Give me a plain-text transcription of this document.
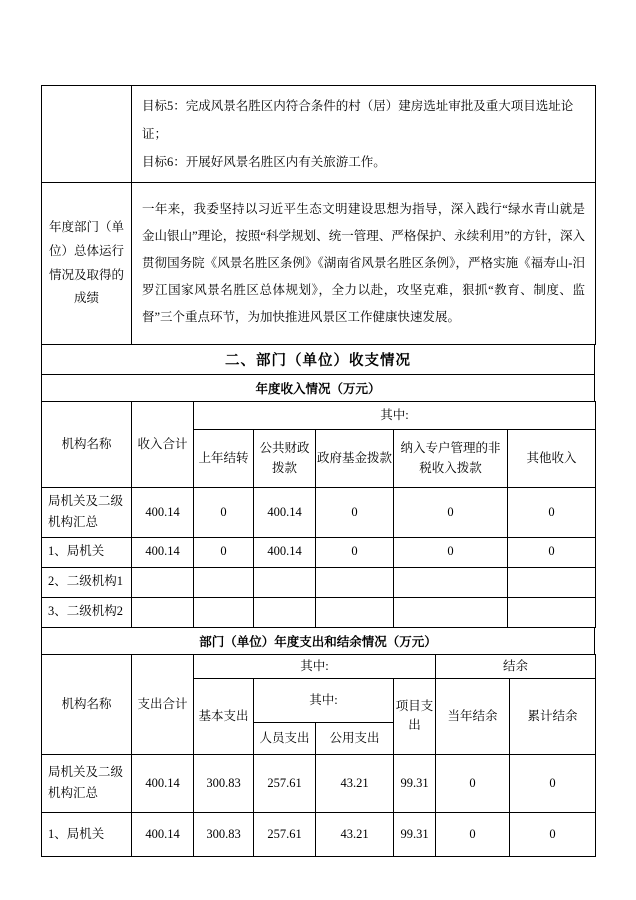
	目标5：完成风景名胜区内符合条件的村（居）建房选址审批及重大项目选址论证；

目标6：开展好风景名胜区内有关旅游工作。

年度部门（单位）总体运行情况及取得的成绩	一年来，我委坚持以习近平生态文明建设思想为指导，深入践行“绿水青山就是金山银山”理论，按照“科学规划、统一管理、严格保护、永续利用”的方针，深入贯彻国务院《风景名胜区条例》《湖南省风景名胜区条例》，严格实施《福寿山-汨罗江国家风景名胜区总体规划》，全力以赴，攻坚克难，狠抓“教育、制度、监督”三个重点环节，为加快推进风景区工作健康快速发展。
二、部门（单位）收支情况
年度收入情况（万元）
机构名称	收入合计	其中:				
		上年结转	公共财政拨款	政府基金拨款	纳入专户管理的非税收入拨款	其他收入
局机关及二级机构汇总	400.14	0	400.14	0	0	0
1、局机关	400.14	0	400.14	0	0	0
2、二级机构1						
3、二级机构2						
部门（单位）年度支出和结余情况（万元）
机构名称	支出合计	其中:				结余	
		基本支出	其中:		项目支出	当年结余	累计结余
			人员支出	公用支出			
局机关及二级机构汇总	400.14	300.83	257.61	43.21	99.31	0	0
1、局机关	400.14	300.83	257.61	43.21	99.31	0	0
